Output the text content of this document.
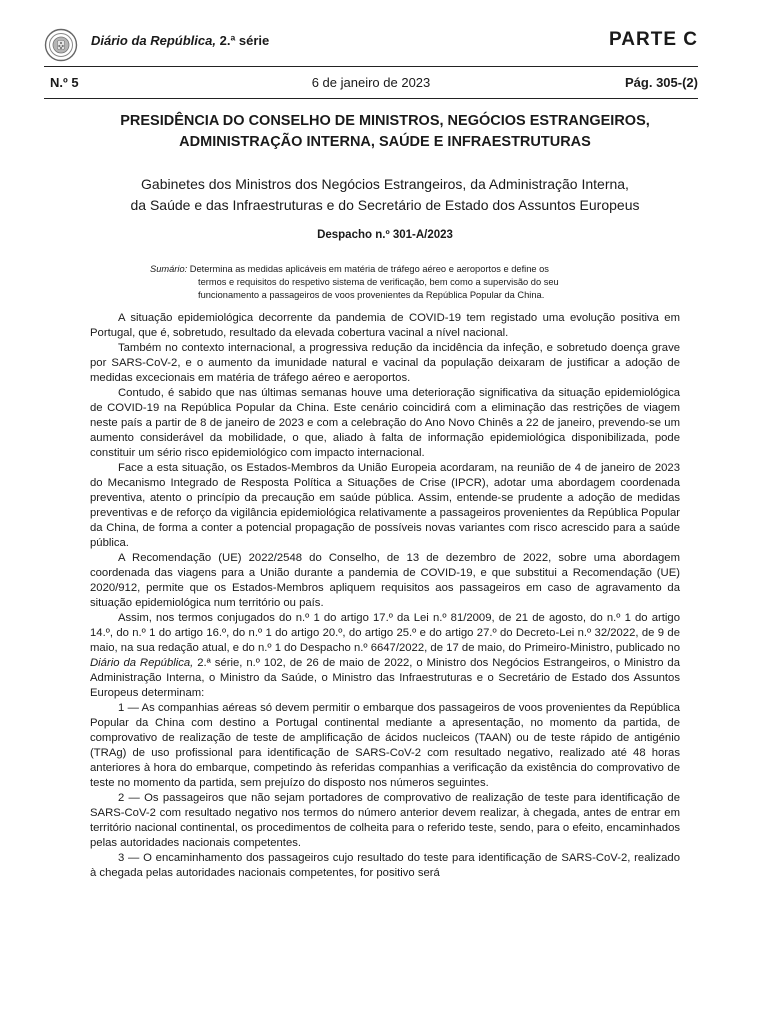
Diário da República, 2.ª série	PARTE C
N.º 5	6 de janeiro de 2023	Pág. 305-(2)
PRESIDÊNCIA DO CONSELHO DE MINISTROS, NEGÓCIOS ESTRANGEIROS,
ADMINISTRAÇÃO INTERNA, SAÚDE E INFRAESTRUTURAS
Gabinetes dos Ministros dos Negócios Estrangeiros, da Administração Interna,
da Saúde e das Infraestruturas e do Secretário de Estado dos Assuntos Europeus
Despacho n.º 301-A/2023
Sumário: Determina as medidas aplicáveis em matéria de tráfego aéreo e aeroportos e define os
termos e requisitos do respetivo sistema de verificação, bem como a supervisão do seu
funcionamento a passageiros de voos provenientes da República Popular da China.

A situação epidemiológica decorrente da pandemia de COVID-19 tem registado uma evolução positiva em Portugal, que é, sobretudo, resultado da elevada cobertura vacinal a nível nacional.

Também no contexto internacional, a progressiva redução da incidência da infeção, e sobretudo doença grave por SARS-CoV-2, e o aumento da imunidade natural e vacinal da população deixaram de justificar a adoção de medidas excecionais em matéria de tráfego aéreo e aeroportos.

Contudo, é sabido que nas últimas semanas houve uma deterioração significativa da situação epidemiológica de COVID-19 na República Popular da China. Este cenário coincidirá com a eliminação das restrições de viagem neste país a partir de 8 de janeiro de 2023 e com a celebração do Ano Novo Chinês a 22 de janeiro, prevendo-se um aumento considerável da mobilidade, o que, aliado à falta de informação epidemiológica disponibilizada, pode constituir um sério risco epidemiológico com impacto internacional.

Face a esta situação, os Estados-Membros da União Europeia acordaram, na reunião de 4 de janeiro de 2023 do Mecanismo Integrado de Resposta Política a Situações de Crise (IPCR), adotar uma abordagem coordenada preventiva, atento o princípio da precaução em saúde pública. Assim, entende-se prudente a adoção de medidas preventivas e de reforço da vigilância epidemiológica relativamente a passageiros provenientes da República Popular da China, de forma a conter a potencial propagação de possíveis novas variantes com risco acrescido para a saúde pública.

A Recomendação (UE) 2022/2548 do Conselho, de 13 de dezembro de 2022, sobre uma abordagem coordenada das viagens para a União durante a pandemia de COVID-19, e que substitui a Recomendação (UE) 2020/912, permite que os Estados-Membros apliquem requisitos aos passageiros em caso de agravamento da situação epidemiológica num território ou país.

Assim, nos termos conjugados do n.º 1 do artigo 17.º da Lei n.º 81/2009, de 21 de agosto, do n.º 1 do artigo 14.º, do n.º 1 do artigo 16.º, do n.º 1 do artigo 20.º, do artigo 25.º e do artigo 27.º do Decreto-Lei n.º 32/2022, de 9 de maio, na sua redação atual, e do n.º 1 do Despacho n.º 6647/2022, de 17 de maio, do Primeiro-Ministro, publicado no Diário da República, 2.ª série, n.º 102, de 26 de maio de 2022, o Ministro dos Negócios Estrangeiros, o Ministro da Administração Interna, o Ministro da Saúde, o Ministro das Infraestruturas e o Secretário de Estado dos Assuntos Europeus determinam:

1 — As companhias aéreas só devem permitir o embarque dos passageiros de voos provenientes da República Popular da China com destino a Portugal continental mediante a apresentação, no momento da partida, de comprovativo de realização de teste de amplificação de ácidos nucleicos (TAAN) ou de teste rápido de antigénio (TRAg) de uso profissional para identificação de SARS-CoV-2 com resultado negativo, realizado até 48 horas anteriores à hora do embarque, competindo às referidas companhias a verificação da existência do comprovativo de teste no momento da partida, sem prejuízo do disposto nos números seguintes.

2 — Os passageiros que não sejam portadores de comprovativo de realização de teste para identificação de SARS-CoV-2 com resultado negativo nos termos do número anterior devem realizar, à chegada, antes de entrar em território nacional continental, os procedimentos de colheita para o referido teste, sendo, para o efeito, encaminhados pelas autoridades nacionais competentes.

3 — O encaminhamento dos passageiros cujo resultado do teste para identificação de SARS-CoV-2, realizado à chegada pelas autoridades nacionais competentes, for positivo será
